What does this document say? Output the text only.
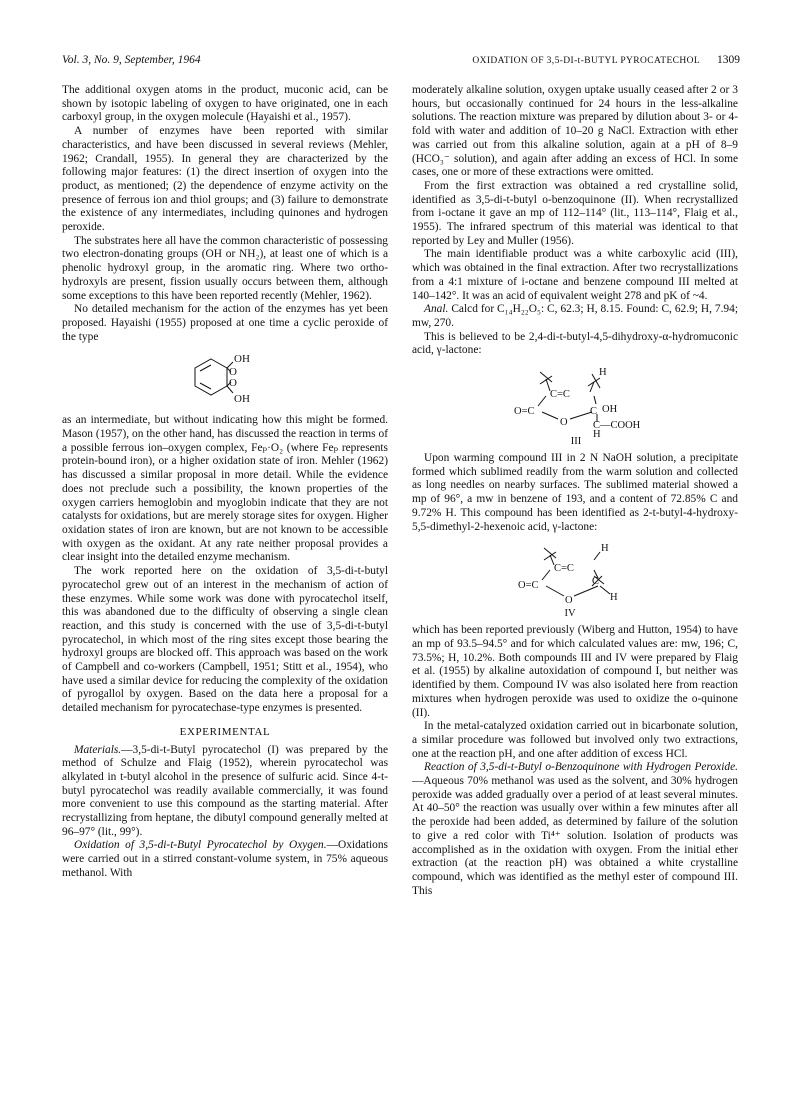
Vol. 3, No. 9, September, 1964	OXIDATION OF 3,5-DI-t-BUTYL PYROCATECHOL 1309

The additional oxygen atoms in the product, muconic acid, can be shown by isotopic labeling of oxygen to have originated, one in each carboxyl group, in the oxygen molecule (Hayaishi et al., 1957).

A number of enzymes have been reported with similar characteristics, and have been discussed in several reviews (Mehler, 1962; Crandall, 1955). In general they are characterized by the following major features: (1) the direct insertion of oxygen into the product, as mentioned; (2) the dependence of enzyme activity on the presence of ferrous ion and thiol groups; and (3) failure to demonstrate the existence of any intermediates, including quinones and hydrogen peroxide.

The substrates here all have the common characteristic of possessing two electron-donating groups (OH or NH₂), at least one of which is a phenolic hydroxyl group, in the aromatic ring. Where two ortho-hydroxyls are present, fission usually occurs between them, although some exceptions to this have been reported recently (Mehler, 1962).

No detailed mechanism for the action of the enzymes has yet been proposed. Hayaishi (1955) proposed at one time a cyclic peroxide of the type

OH
O
O
OH

as an intermediate, but without indicating how this might be formed. Mason (1957), on the other hand, has discussed the reaction in terms of a possible ferrous ion–oxygen complex, Feₚ·O₂ (where Feₚ represents protein-bound iron), or a higher oxidation state of iron. Mehler (1962) has discussed a similar proposal in more detail. While the evidence does not preclude such a possibility, the known properties of the oxygen carriers hemoglobin and myoglobin indicate that they are not catalysts for oxidations, but are merely storage sites for oxygen. Higher oxidation states of iron are known, but are not known to be accessible with oxygen as the oxidant. At any rate neither proposal provides a clear insight into the detailed enzyme mechanism.

The work reported here on the oxidation of 3,5-di-t-butyl pyrocatechol grew out of an interest in the mechanism of action of these enzymes. While some work was done with pyrocatechol itself, this was abandoned due to the difficulty of observing a single clean reaction, and this study is concerned with the use of 3,5-di-t-butyl pyrocatechol, in which most of the ring sites except those bearing the hydroxyl groups are blocked off. This approach was based on the work of Campbell and co-workers (Campbell, 1951; Stitt et al., 1954), who have used a similar device for reducing the complexity of the oxidation of pyrogallol by oxygen. Based on the data here a proposal for a detailed mechanism for pyrocatechase-type enzymes is presented.

EXPERIMENTAL

Materials.—3,5-di-t-Butyl pyrocatechol (I) was prepared by the method of Schulze and Flaig (1952), wherein pyrocatechol was alkylated in t-butyl alcohol in the presence of sulfuric acid. Since 4-t-butyl pyrocatechol was readily available commercially, it was found more convenient to use this compound as the starting material. After recrystallizing from heptane, the dibutyl compound generally melted at 96–97° (lit., 99°).

Oxidation of 3,5-di-t-Butyl Pyrocatechol by Oxygen.—Oxidations were carried out in a stirred constant-volume system, in 75% aqueous methanol. With

moderately alkaline solution, oxygen uptake usually ceased after 2 or 3 hours, but occasionally continued for 24 hours in the less-alkaline solutions. The reaction mixture was prepared by dilution about 3- or 4-fold with water and addition of 10–20 g NaCl. Extraction with ether was carried out from this alkaline solution, again at a pH of 8–9 (HCO₃⁻ solution), and again after adding an excess of HCl. In some cases, one or more of these extractions were omitted.

From the first extraction was obtained a red crystalline solid, identified as 3,5-di-t-butyl o-benzoquinone (II). When recrystallized from i-octane it gave an mp of 112–114° (lit., 113–114°, Flaig et al., 1955). The infrared spectrum of this material was identical to that reported by Ley and Muller (1956).

The main identifiable product was a white carboxylic acid (III), which was obtained in the final extraction. After two recrystallizations from a 4:1 mixture of i-octane and benzene compound III melted at 140–142°. It was an acid of equivalent weight 278 and pK of ~4.

Anal. Calcd for C₁₄H₂₂O₅: C, 62.3; H, 8.15. Found: C, 62.9; H, 7.94; mw, 270.

This is believed to be 2,4-di-t-butyl-4,5-dihydroxy-α-hydromuconic acid, γ-lactone:

H
C=C
O=C	C OH
O C—COOH
H
III

Upon warming compound III in 2 N NaOH solution, a precipitate formed which sublimed readily from the warm solution and collected as long needles on nearby surfaces. The sublimed material showed a mp of 96°, a mw in benzene of 193, and a content of 72.85% C and 9.72% H. This compound has been identified as 2-t-butyl-4-hydroxy-5,5-dimethyl-2-hexenoic acid, γ-lactone:

H
C=C
O=C	C
H
O
IV

which has been reported previously (Wiberg and Hutton, 1954) to have an mp of 93.5–94.5° and for which calculated values are: mw, 196; C, 73.5%; H, 10.2%. Both compounds III and IV were prepared by Flaig et al. (1955) by alkaline autoxidation of compound I, but neither was identified by them. Compound IV was also isolated here from reaction mixtures when hydrogen peroxide was used to oxidize the o-quinone (II).

In the metal-catalyzed oxidation carried out in bicarbonate solution, a similar procedure was followed but involved only two extractions, one at the reaction pH, and one after addition of excess HCl.

Reaction of 3,5-di-t-Butyl o-Benzoquinone with Hydrogen Peroxide.—Aqueous 70% methanol was used as the solvent, and 30% hydrogen peroxide was added gradually over a period of at least several minutes. At 40–50° the reaction was usually over within a few minutes after all the peroxide had been added, as determined by failure of the solution to give a red color with Ti⁴⁺ solution. Isolation of products was accomplished as in the oxidation with oxygen. From the initial ether extraction (at the reaction pH) was obtained a white crystalline compound, which was identified as the methyl ester of compound III. This
